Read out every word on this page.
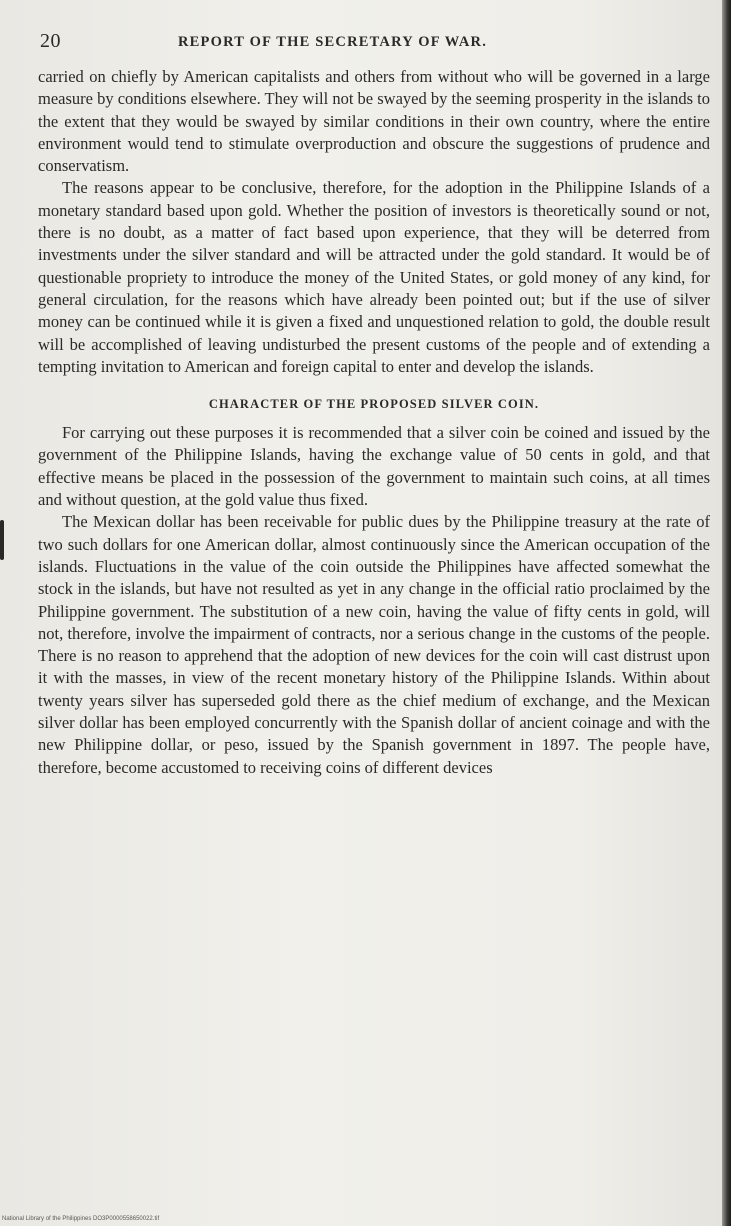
20	REPORT OF THE SECRETARY OF WAR.

carried on chiefly by American capitalists and others from without who will be governed in a large measure by conditions elsewhere. They will not be swayed by the seeming prosperity in the islands to the extent that they would be swayed by similar conditions in their own country, where the entire environment would tend to stimulate overproduction and obscure the suggestions of prudence and conservatism.

The reasons appear to be conclusive, therefore, for the adoption in the Philippine Islands of a monetary standard based upon gold. Whether the position of investors is theoretically sound or not, there is no doubt, as a matter of fact based upon experience, that they will be deterred from investments under the silver standard and will be attracted under the gold standard. It would be of questionable propriety to introduce the money of the United States, or gold money of any kind, for general circulation, for the reasons which have already been pointed out; but if the use of silver money can be continued while it is given a fixed and unquestioned relation to gold, the double result will be accomplished of leaving undisturbed the present customs of the people and of extending a tempting invitation to American and foreign capital to enter and develop the islands.

CHARACTER OF THE PROPOSED SILVER COIN.

For carrying out these purposes it is recommended that a silver coin be coined and issued by the government of the Philippine Islands, having the exchange value of 50 cents in gold, and that effective means be placed in the possession of the government to maintain such coins, at all times and without question, at the gold value thus fixed.

The Mexican dollar has been receivable for public dues by the Philippine treasury at the rate of two such dollars for one American dollar, almost continuously since the American occupation of the islands. Fluctuations in the value of the coin outside the Philippines have affected somewhat the stock in the islands, but have not resulted as yet in any change in the official ratio proclaimed by the Philippine government. The substitution of a new coin, having the value of fifty cents in gold, will not, therefore, involve the impairment of contracts, nor a serious change in the customs of the people. There is no reason to apprehend that the adoption of new devices for the coin will cast distrust upon it with the masses, in view of the recent monetary history of the Philippine Islands. Within about twenty years silver has superseded gold there as the chief medium of exchange, and the Mexican silver dollar has been employed concurrently with the Spanish dollar of ancient coinage and with the new Philippine dollar, or peso, issued by the Spanish government in 1897. The people have, therefore, become accustomed to receiving coins of different devices

National Library of the Philippines DO3P0000558650022.tif
